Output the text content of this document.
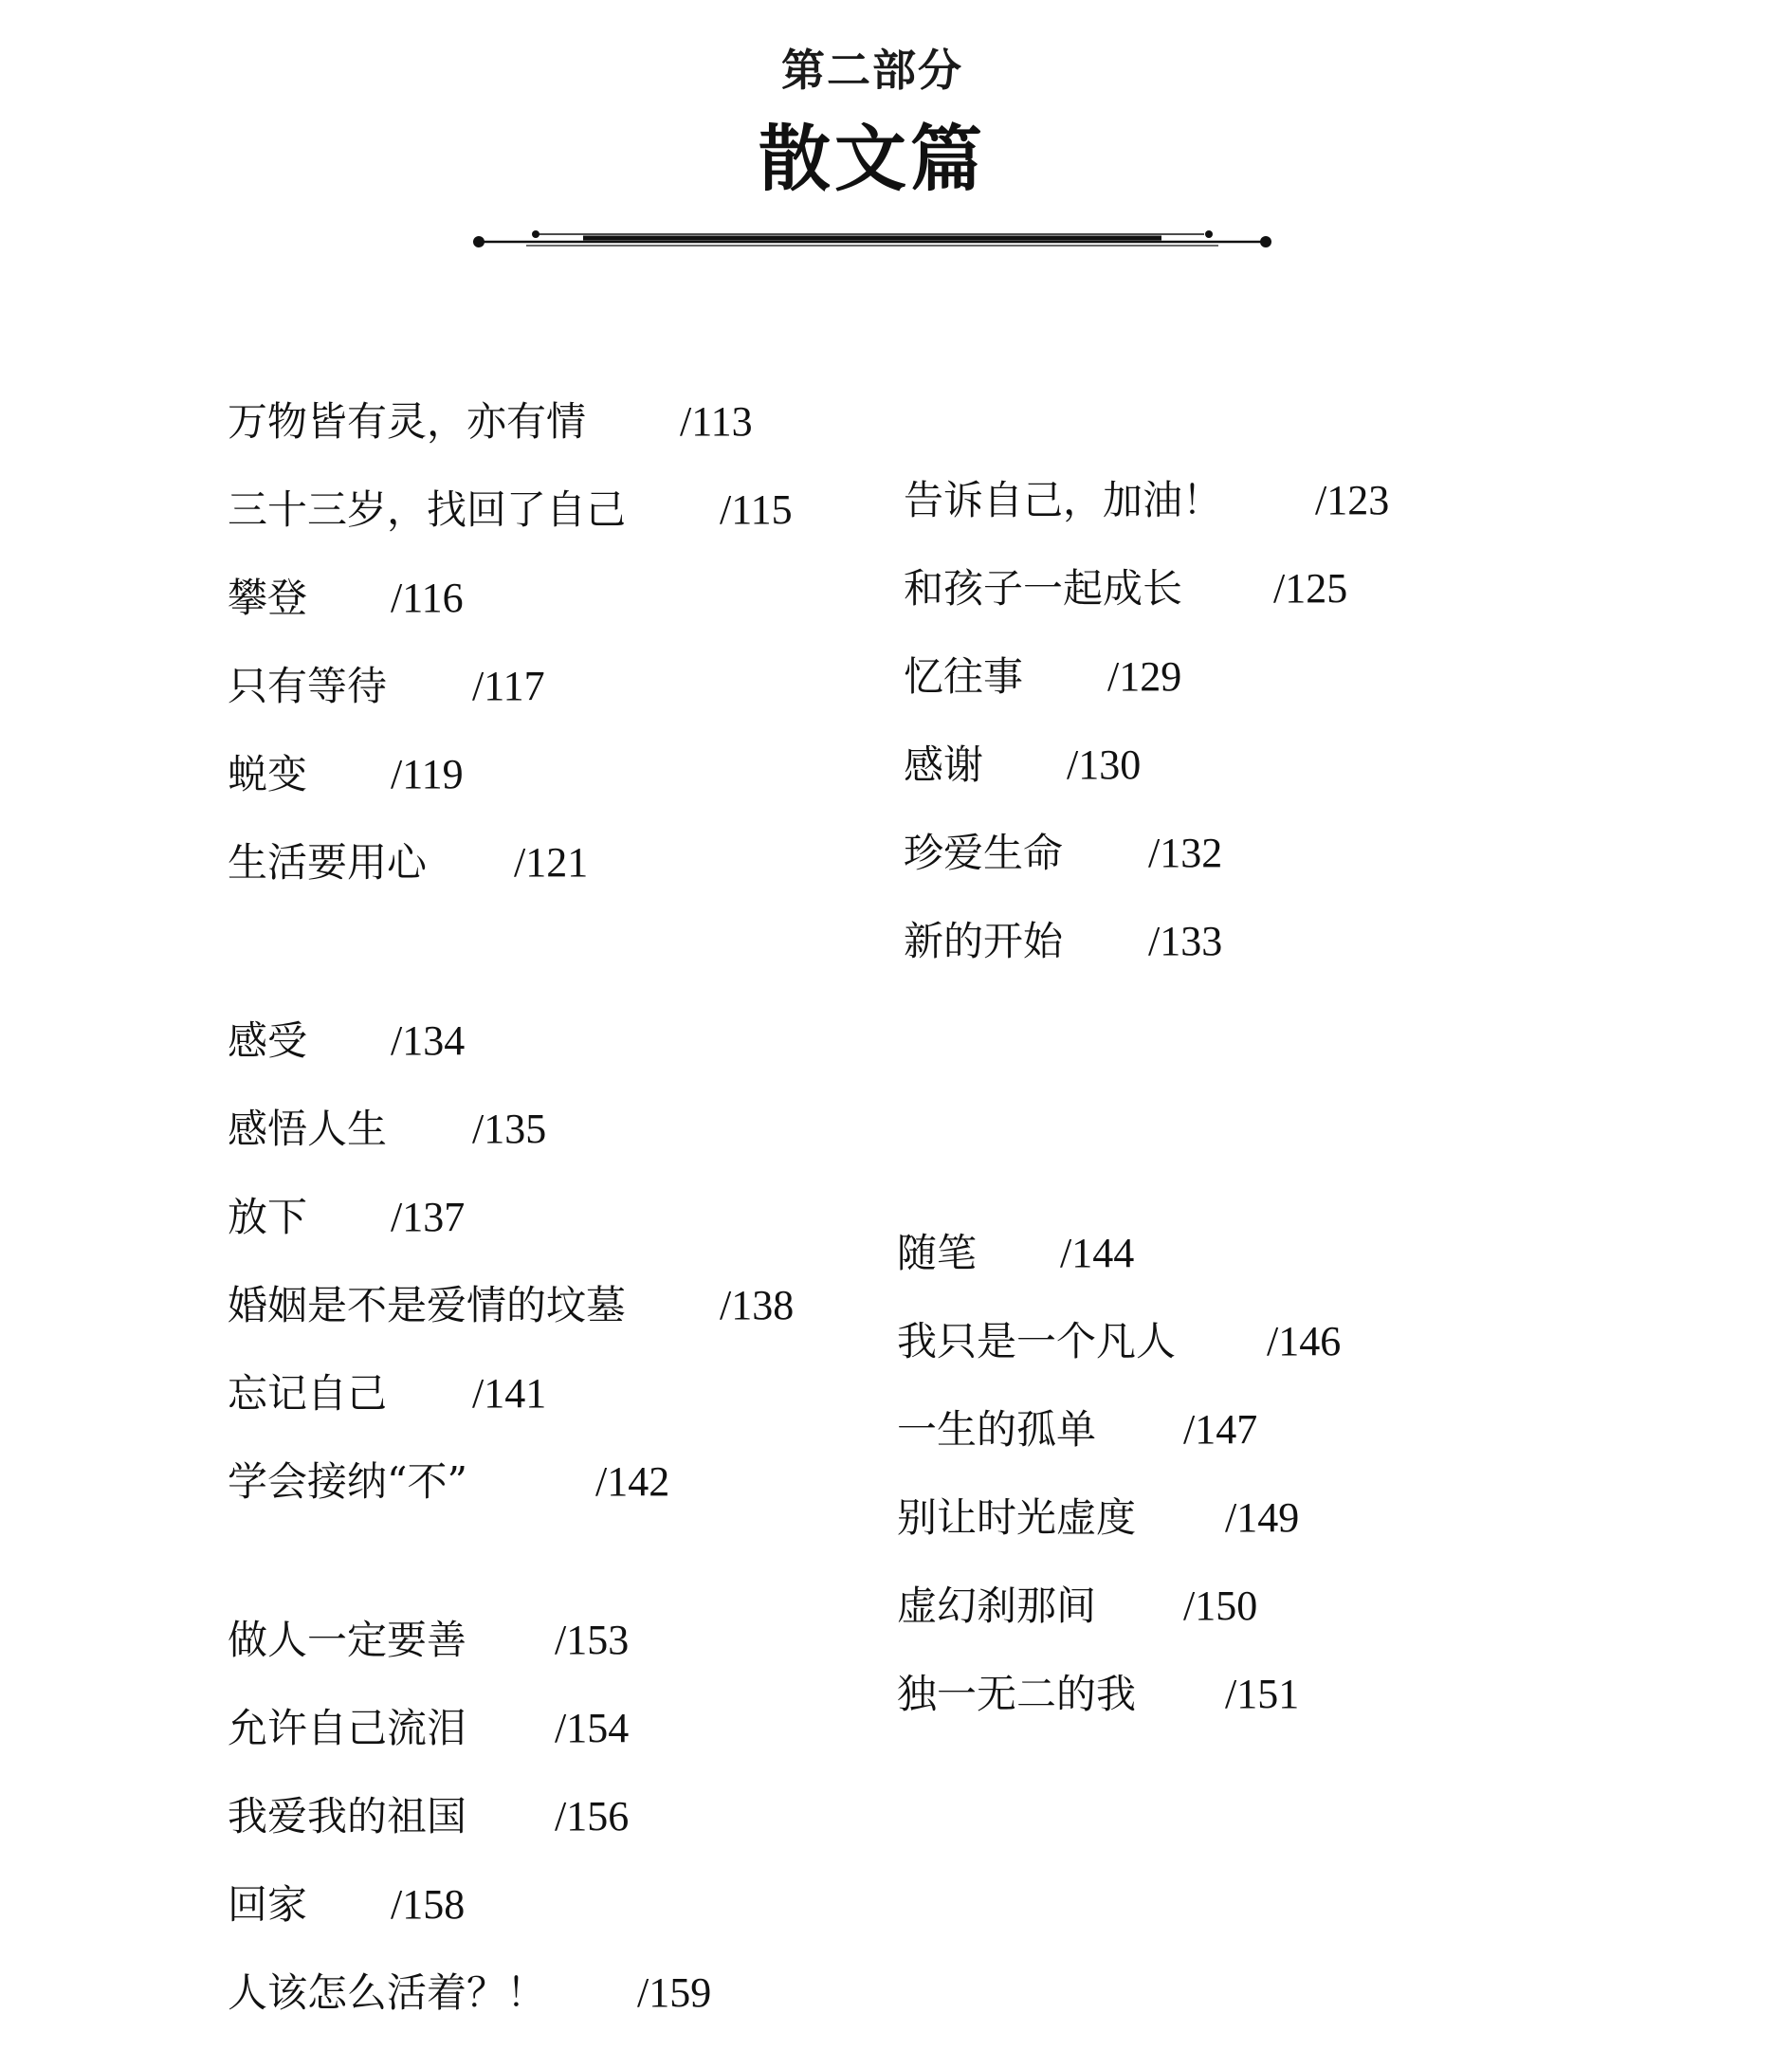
第二部分
散文篇
万物皆有灵，亦有情 /113
三十三岁，找回了自己 /115
攀登 /116
只有等待 /117
蜕变 /119
生活要用心 /121
告诉自己，加油！ /123
和孩子一起成长 /125
忆往事 /129
感谢 /130
珍爱生命 /132
新的开始 /133
感受 /134
感悟人生 /135
放下 /137
婚姻是不是爱情的坟墓 /138
忘记自己 /141
学会接纳“不”	/142
随笔 /144
我只是一个凡人 /146
一生的孤单 /147
别让时光虚度 /149
虚幻刹那间 /150
独一无二的我 /151
做人一定要善 /153
允许自己流泪 /154
我爱我的祖国 /156
回家 /158
人该怎么活着？！ /159
